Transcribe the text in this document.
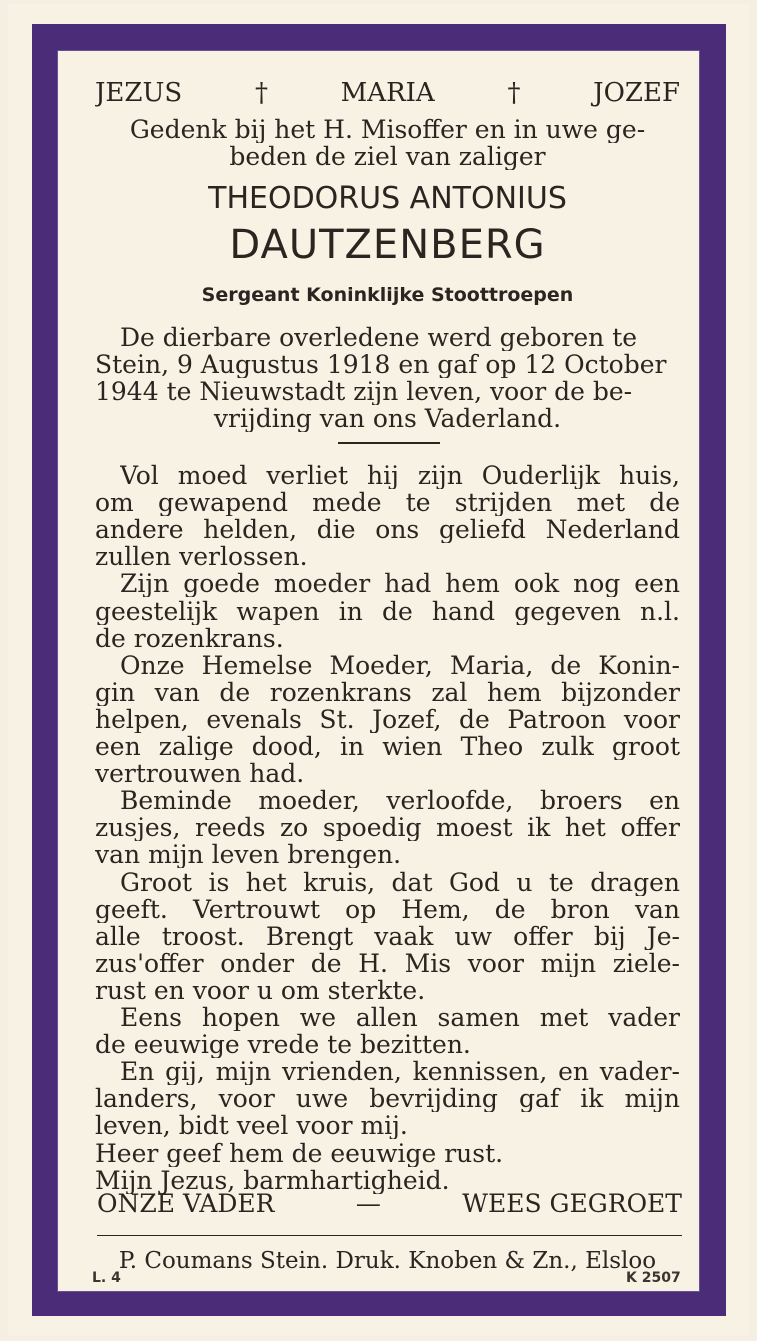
JEZUS	†	MARIA	†	JOZEF
Gedenk bij het H. Misoffer en in uwe ge-
beden de ziel van zaliger
THEODORUS ANTONIUS
DAUTZENBERG
Sergeant Koninklijke Stoottroepen
De dierbare overledene werd geboren te
Stein, 9 Augustus 1918 en gaf op 12 October
1944 te Nieuwstadt zijn leven, voor de be-
vrijding van ons Vaderland.
Vol moed verliet hij zijn Ouderlijk huis,
om gewapend mede te strijden met de
andere helden, die ons geliefd Nederland
zullen verlossen.
Zijn goede moeder had hem ook nog een
geestelijk wapen in de hand gegeven n.l.
de rozenkrans.
Onze Hemelse Moeder, Maria, de Konin-
gin van de rozenkrans zal hem bijzonder
helpen, evenals St. Jozef, de Patroon voor
een zalige dood, in wien Theo zulk groot
vertrouwen had.
Beminde moeder, verloofde, broers en
zusjes, reeds zo spoedig moest ik het offer
van mijn leven brengen.
Groot is het kruis, dat God u te dragen
geeft. Vertrouwt op Hem, de bron van
alle troost. Brengt vaak uw offer bij Je-
zus'offer onder de H. Mis voor mijn ziele-
rust en voor u om sterkte.
Eens hopen we allen samen met vader
de eeuwige vrede te bezitten.
En gij, mijn vrienden, kennissen, en vader-
landers, voor uwe bevrijding gaf ik mijn
leven, bidt veel voor mij.
Heer geef hem de eeuwige rust.
Mijn Jezus, barmhartigheid.
ONZE VADER	—	WEES GEGROET
P. Coumans Stein. Druk. Knoben & Zn., Elsloo
L. 4	K 2507
